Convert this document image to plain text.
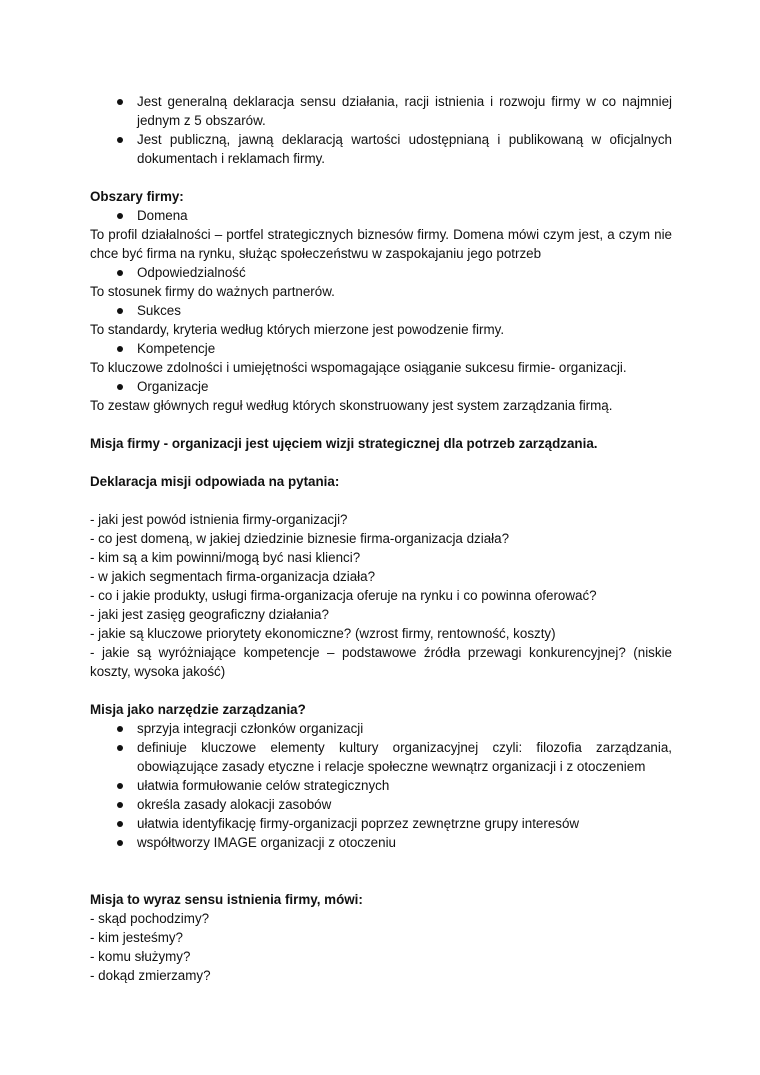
Jest generalną deklaracja sensu działania, racji istnienia i rozwoju firmy w co najmniej jednym z 5 obszarów.
Jest publiczną, jawną deklaracją wartości udostępnianą i publikowaną w oficjalnych dokumentach i reklamach firmy.

Obszary firmy:

Domena

To profil działalności – portfel strategicznych biznesów firmy. Domena mówi czym jest, a czym nie chce być firma na rynku, służąc społeczeństwu w zaspokajaniu jego potrzeb

Odpowiedzialność

To stosunek firmy do ważnych partnerów.

Sukces

To standardy, kryteria według których mierzone jest powodzenie firmy.

Kompetencje

To kluczowe zdolności i umiejętności wspomagające osiąganie sukcesu firmie- organizacji.

Organizacje

To zestaw głównych reguł według których skonstruowany jest system zarządzania firmą.

Misja firmy - organizacji jest ujęciem wizji strategicznej dla potrzeb zarządzania.

Deklaracja misji odpowiada na pytania:

- jaki jest powód istnienia firmy-organizacji?

- co jest domeną, w jakiej dziedzinie biznesie firma-organizacja działa?

- kim są a kim powinni/mogą być nasi klienci?

- w jakich segmentach firma-organizacja działa?

- co i jakie produkty, usługi firma-organizacja oferuje na rynku i co powinna oferować?

- jaki jest zasięg geograficzny działania?

- jakie są kluczowe priorytety ekonomiczne? (wzrost firmy, rentowność, koszty)

- jakie są wyróżniające kompetencje – podstawowe źródła przewagi konkurencyjnej? (niskie koszty, wysoka jakość)

Misja jako narzędzie zarządzania?

sprzyja integracji członków organizacji
definiuje kluczowe elementy kultury organizacyjnej czyli: filozofia zarządzania, obowiązujące zasady etyczne i relacje społeczne wewnątrz organizacji i z otoczeniem
ułatwia formułowanie celów strategicznych
określa zasady alokacji zasobów
ułatwia identyfikację firmy-organizacji poprzez zewnętrzne grupy interesów
współtworzy IMAGE organizacji z otoczeniu

Misja to wyraz sensu istnienia firmy, mówi:

- skąd pochodzimy?

- kim jesteśmy?

- komu służymy?

- dokąd zmierzamy?
